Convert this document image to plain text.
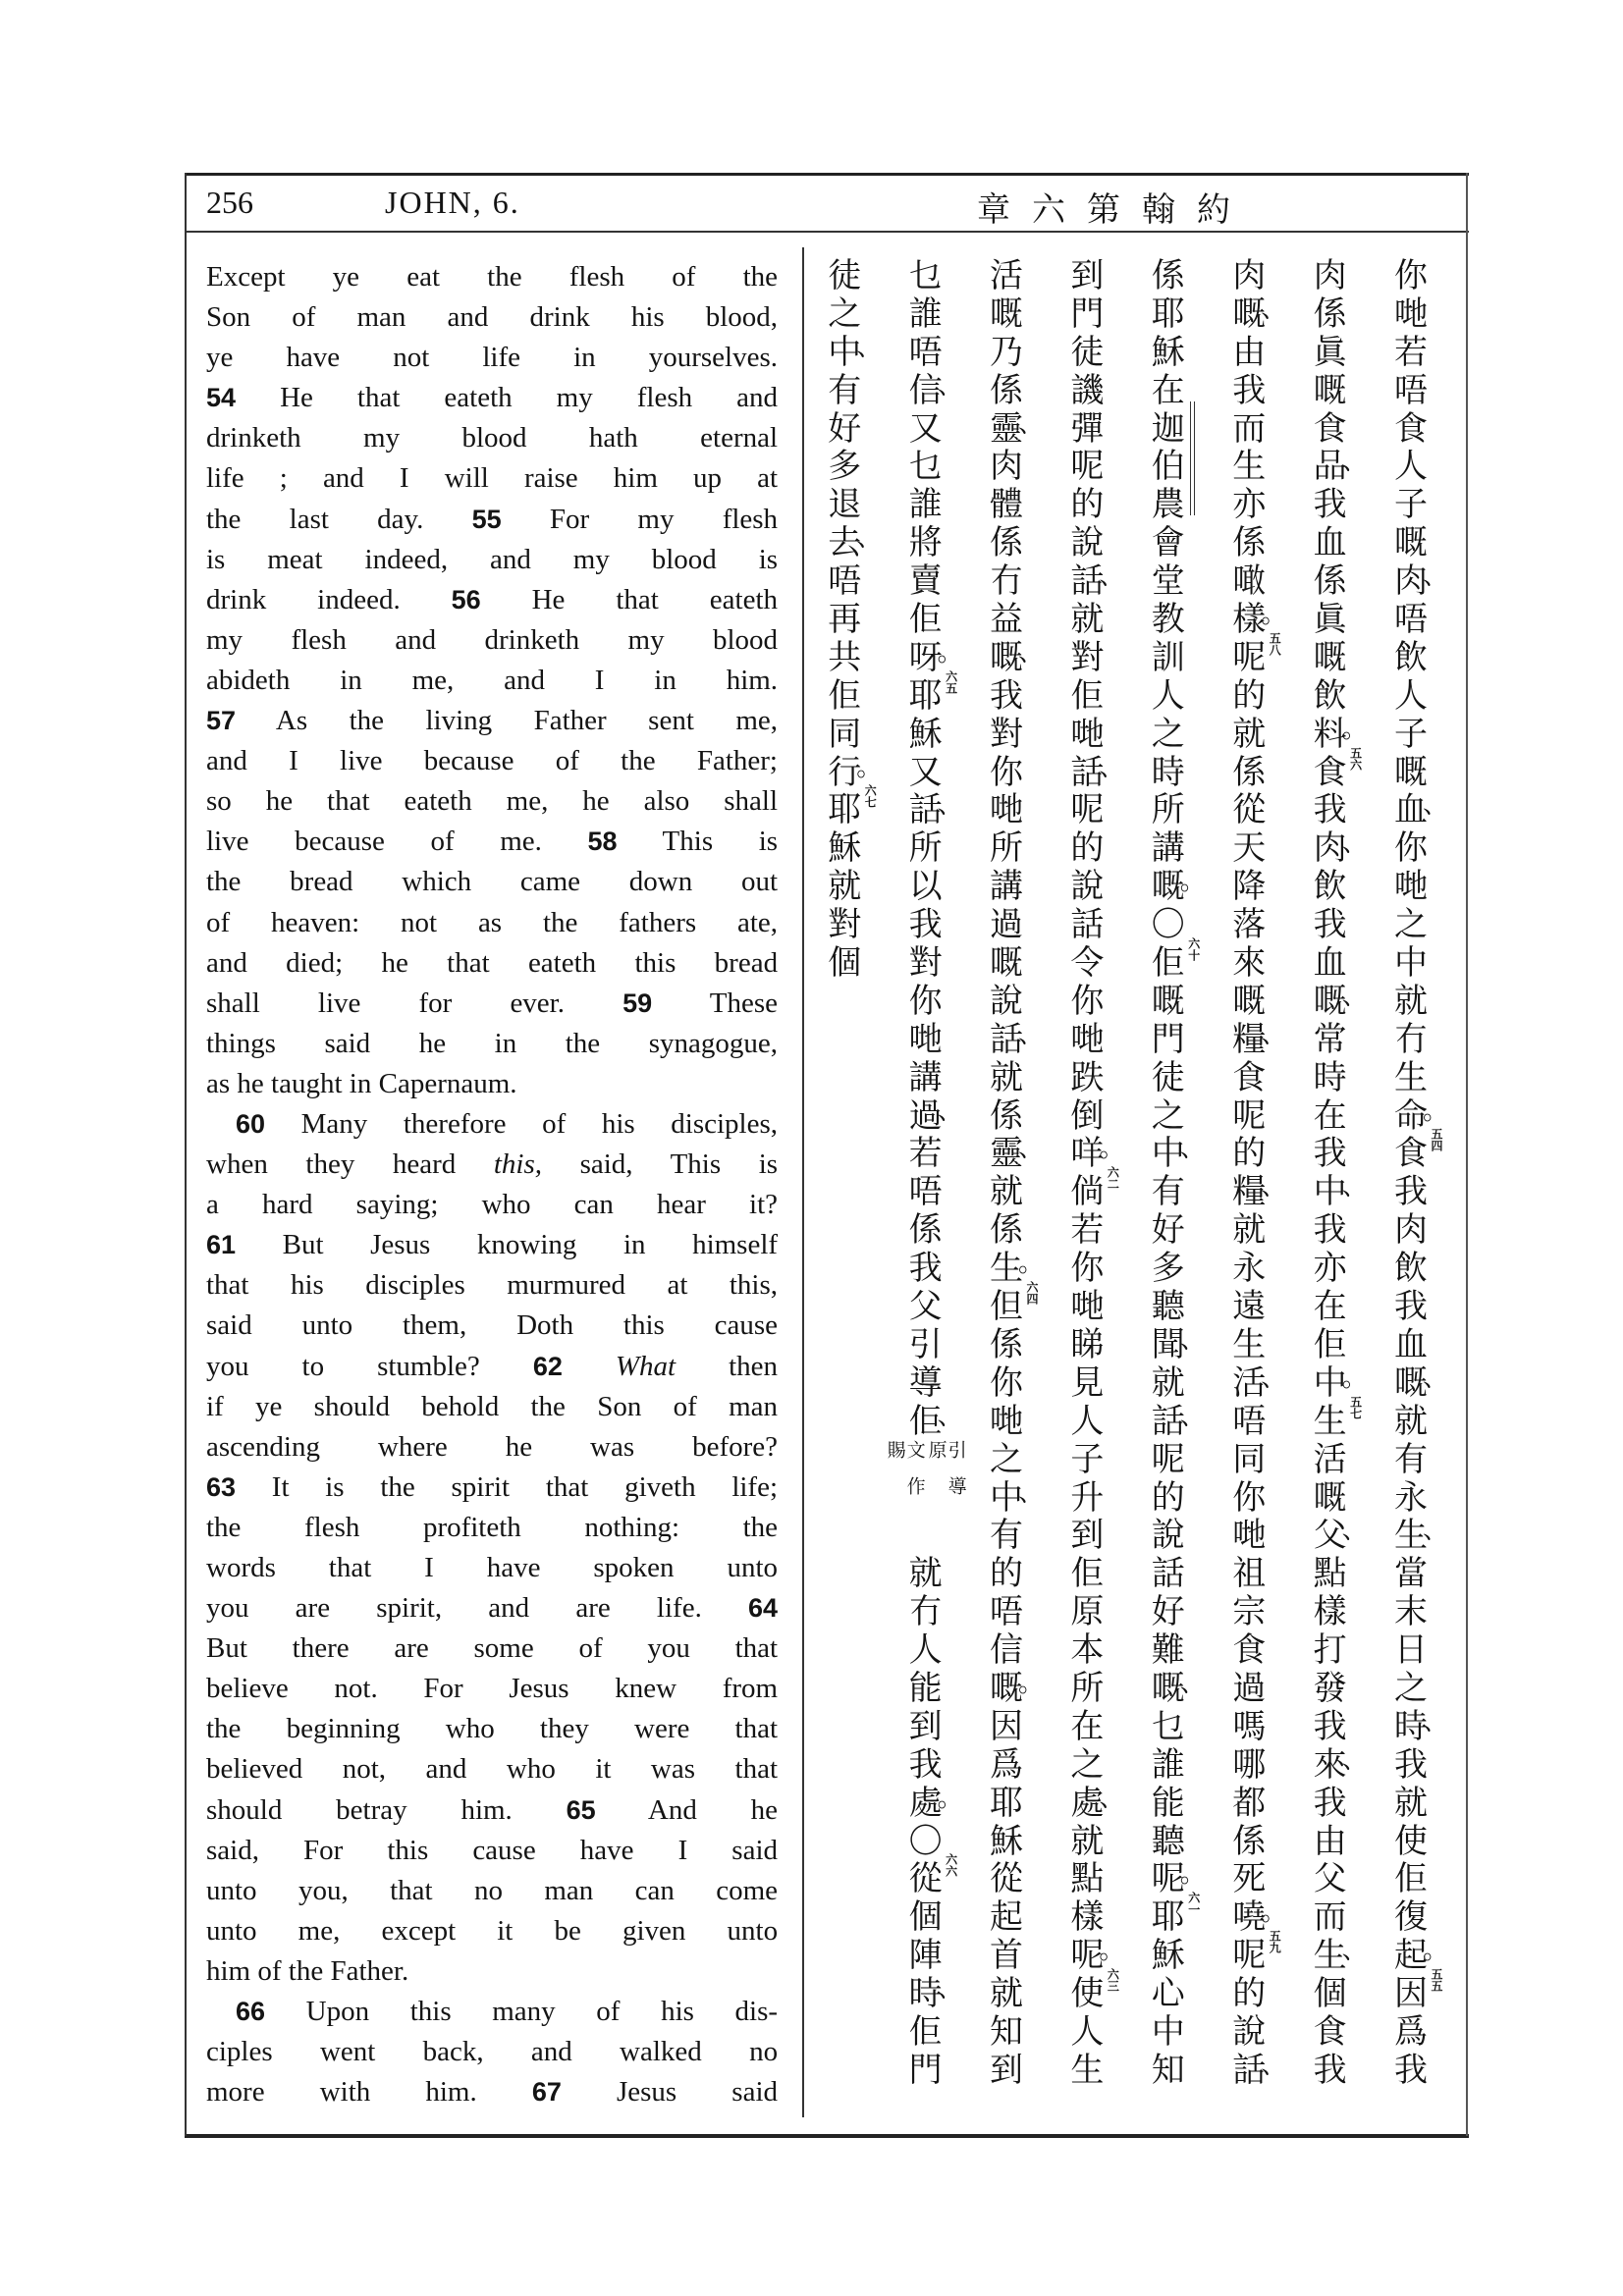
256	JOHN, 6.	約翰第六章
Except ye eat the flesh of the
Son of man and drink his blood,
ye have not life in yourselves.
54 He that eateth my flesh and
drinketh my blood hath eternal
life ; and I will raise him up at
the last day. 55 For my flesh
is meat indeed, and my blood is
drink indeed. 56 He that eateth
my flesh and drinketh my blood
abideth in me, and I in him.
57 As the living Father sent me,
and I live because of the Father;
so he that eateth me, he also shall
live because of me. 58 This is
the bread which came down out
of heaven: not as the fathers ate,
and died; he that eateth this bread
shall live for ever. 59 These
things said he in the synagogue,
as he taught in Capernaum.
60 Many therefore of his disciples,
when they heard this, said, This is
a hard saying; who can hear it?
61 But Jesus knowing in himself
that his disciples murmured at this,
said unto them, Doth this cause
you to stumble? 62 What then
if ye should behold the Son of man
ascending where he was before?
63 It is the spirit that giveth life;
the flesh profiteth nothing: the
words that I have spoken unto
you are spirit, and are life. 64
But there are some of you that
believe not. For Jesus knew from
the beginning who they were that
believed not, and who it was that
should betray him. 65 And he
said, For this cause have I said
unto you, that no man can come
unto me, except it be given unto
him of the Father.
66 Upon this many of his dis-
ciples went back, and walked no
more with him. 67 Jesus said
你
哋
若
唔
食
人
子
嘅
肉
、
唔
飲
人
子
嘅
血
、
你
哋
之
中
就
冇
生
命
。
食 五四
我
肉
飲
我
血
嘅
、
就
有
永
生
、
當
末
日
之
時
、
我
就
使
佢
復
起
。
因 五五
爲
我
肉
係
眞
嘅
食
品
、
我
血
係
眞
嘅
飲
料
。
食 五六
我
肉
、
飲
我
血
嘅
、
常
時
在
我
中
、
我
亦
在
佢
中
。
生 五七
活
嘅
父
、
點
樣
打
發
我
來
、
我
由
父
而
生
、
個
食
我
肉
嘅
、
由
我
而
生
亦
係
噉
樣
。
呢 五八
的
就
係
從
天
降
落
來
嘅
糧
、
食
呢
的
糧
、
就
永
遠
生
活
、
唔
同
你
哋
祖
宗
食
過
嗎
哪
都
係
死
嘵
。
呢 五九
的
說
話
、
係
耶
穌
在
迦
伯
農
會
堂
教
訓
人
之
時
所
講
嘅
。
〇
佢 六十
嘅
門
徒
之
中
、
有
好
多
聽
聞
、
就
話
、
呢
的
說
話
好
難
嘅
、
乜
誰
能
聽
呢
。
耶 六一
穌
心
中
知
到
門
徒
譏
彈
呢
的
說
話
、
就
對
佢
哋
話
、
呢
的
說
話
令
你
哋
跌
倒
咩
。
倘 六二
若
你
哋
睇
見
人
子
升
到
佢
原
本
所
在
之
處
、
就
點
樣
呢
。
使 六三
人
生
活
嘅
乃
係
靈
、
肉
體
係
冇
益
嘅
、
我
對
你
哋
所
講
過
嘅
說
話
、
就
係
靈
、
就
係
生
。
但 六四
係
你
哋
之
中
、
有
的
唔
信
嘅
。
因
爲
耶
穌
從
起
首
就
知
到
乜
誰
唔
信
、
又
乜
誰
將
賣
佢
呀
。
耶 六五
穌
又
話
、
所
以
我
對
你
哋
講
過
、
若
唔
係
我
父
引
導
佢
、
引導原
文作賜
就
冇
人
能
到
我
處
。
〇
從 六六
個
陣
時
、
佢
門
徒
之
中
、
有
好
多
退
去
、
唔
再
共
佢
同
行
。
耶 六七
穌
就
對
個
